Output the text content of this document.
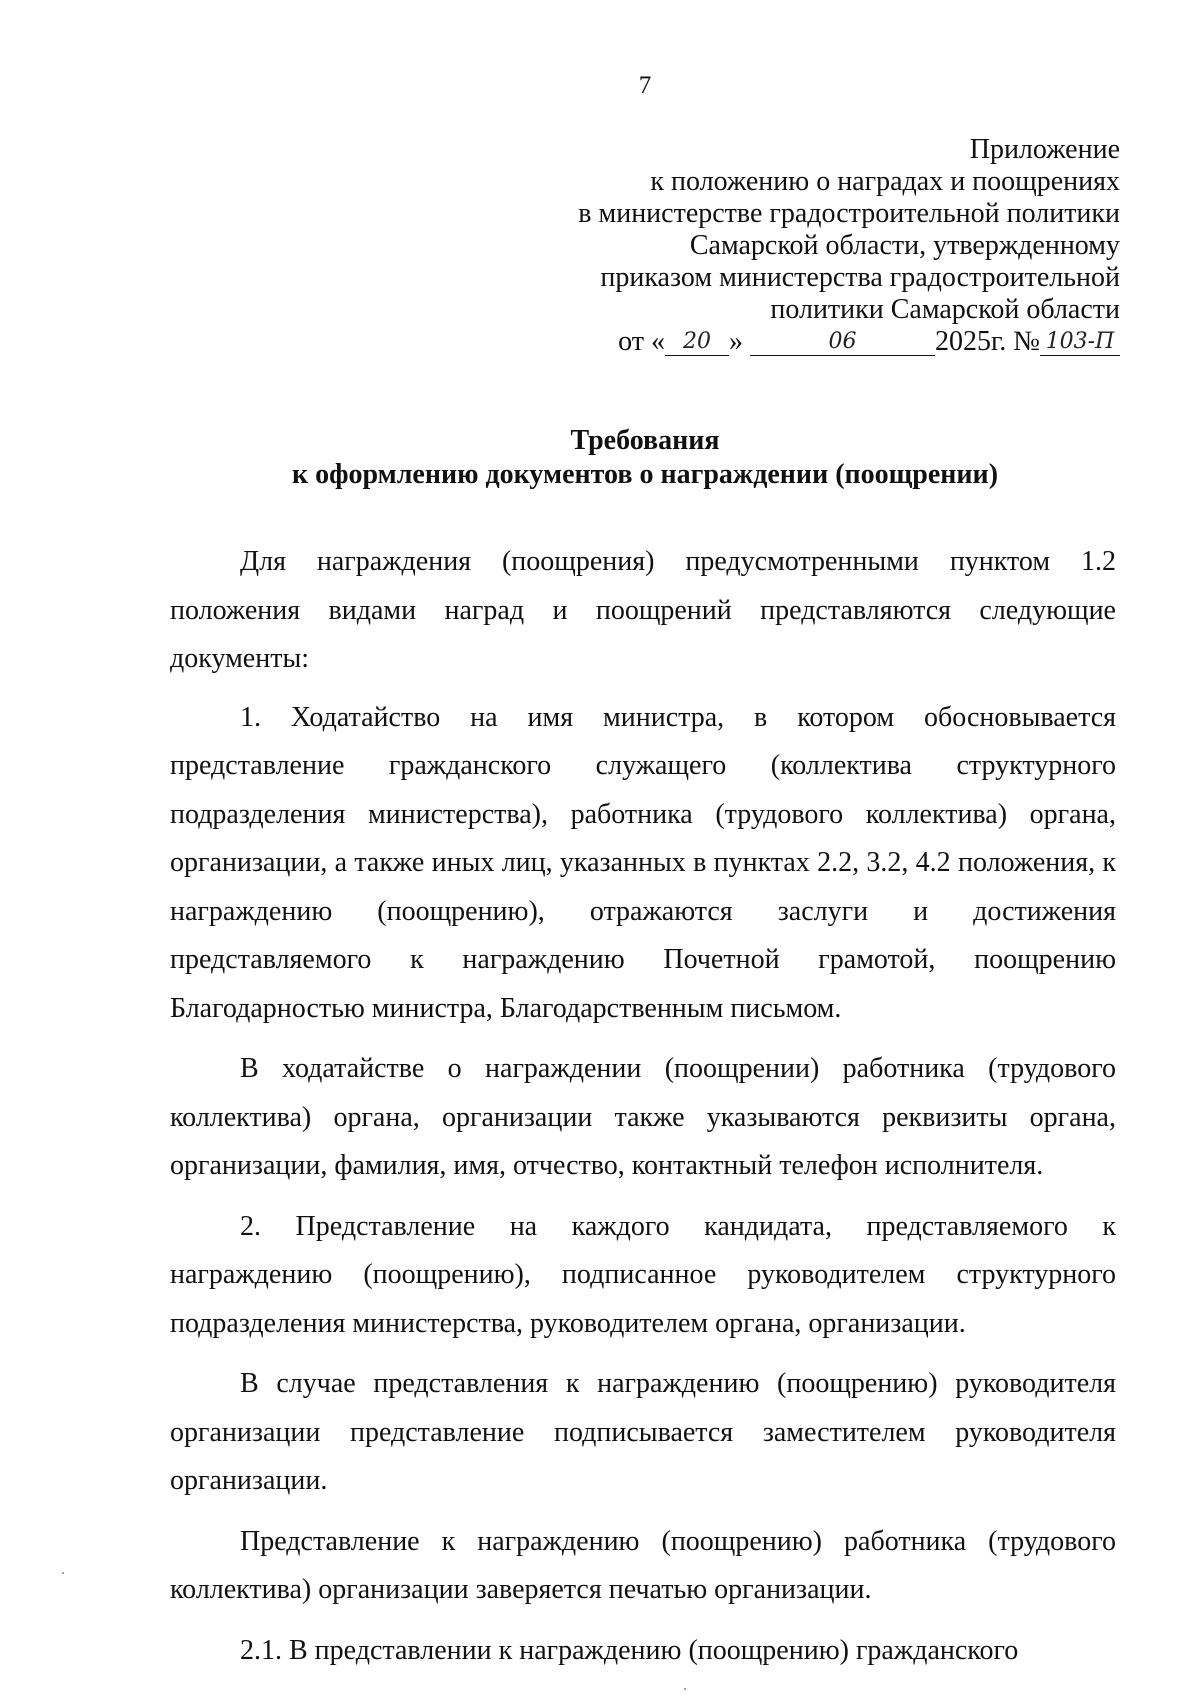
7
Приложение
к положению о наградах и поощрениях
в министерстве градостроительной политики
Самарской области, утвержденному
приказом министерства градостроительной
политики Самарской области
от « 20 »	06	2025г. № 103-П
Требования
к оформлению документов о награждении (поощрении)

Для награждения (поощрения) предусмотренными пунктом 1.2 положения видами наград и поощрений представляются следующие документы:

1. Ходатайство на имя министра, в котором обосновывается представление гражданского служащего (коллектива структурного подразделения министерства), работника (трудового коллектива) органа, организации, а также иных лиц, указанных в пунктах 2.2, 3.2, 4.2 положения, к награждению (поощрению), отражаются заслуги и достижения представляемого к награждению Почетной грамотой, поощрению Благодарностью министра, Благодарственным письмом.

В ходатайстве о награждении (поощрении) работника (трудового коллектива) органа, организации также указываются реквизиты органа, организации, фамилия, имя, отчество, контактный телефон исполнителя.

2. Представление на каждого кандидата, представляемого к награждению (поощрению), подписанное руководителем структурного подразделения министерства, руководителем органа, организации.

В случае представления к награждению (поощрению) руководителя организации представление подписывается заместителем руководителя организации.

Представление к награждению (поощрению) работника (трудового коллектива) организации заверяется печатью организации.

2.1. В представлении к награждению (поощрению) гражданского
